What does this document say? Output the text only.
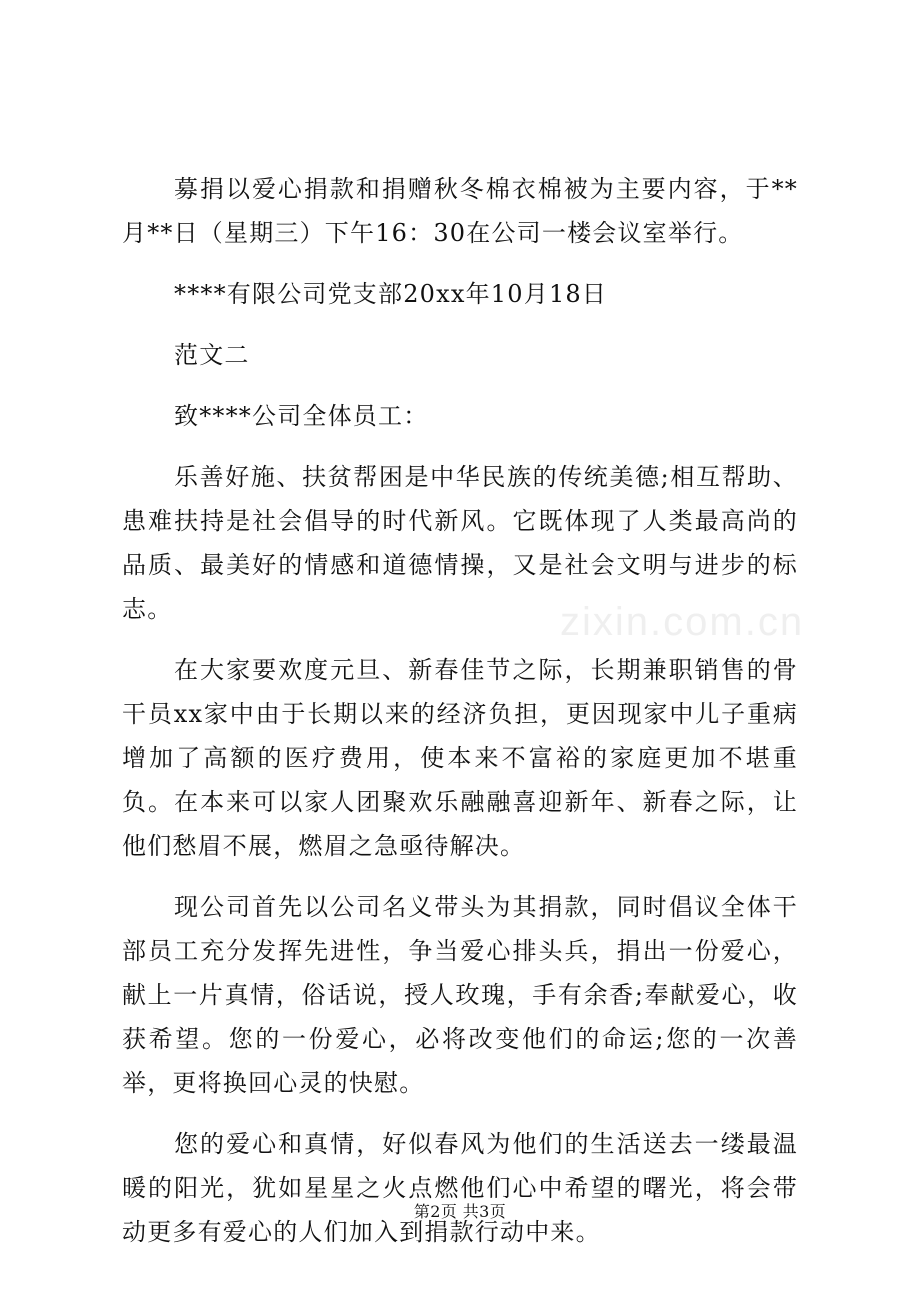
zixin.com.cn

募捐以爱心捐款和捐赠秋冬棉衣棉被为主要内容，于**月**日（星期三）下午16：30在公司一楼会议室举行。

****有限公司党支部20xx年10月18日

范文二

致****公司全体员工：

乐善好施、扶贫帮困是中华民族的传统美德;相互帮助、患难扶持是社会倡导的时代新风。它既体现了人类最高尚的品质、最美好的情感和道德情操，又是社会文明与进步的标志。

在大家要欢度元旦、新春佳节之际，长期兼职销售的骨干员xx家中由于长期以来的经济负担，更因现家中儿子重病增加了高额的医疗费用，使本来不富裕的家庭更加不堪重负。在本来可以家人团聚欢乐融融喜迎新年、新春之际，让他们愁眉不展，燃眉之急亟待解决。

现公司首先以公司名义带头为其捐款，同时倡议全体干部员工充分发挥先进性，争当爱心排头兵，捐出一份爱心，献上一片真情，俗话说，授人玫瑰，手有余香;奉献爱心，收获希望。您的一份爱心，必将改变他们的命运;您的一次善举，更将换回心灵的快慰。

您的爱心和真情，好似春风为他们的生活送去一缕最温暖的阳光，犹如星星之火点燃他们心中希望的曙光，将会带动更多有爱心的人们加入到捐款行动中来。

第2页 共3页
